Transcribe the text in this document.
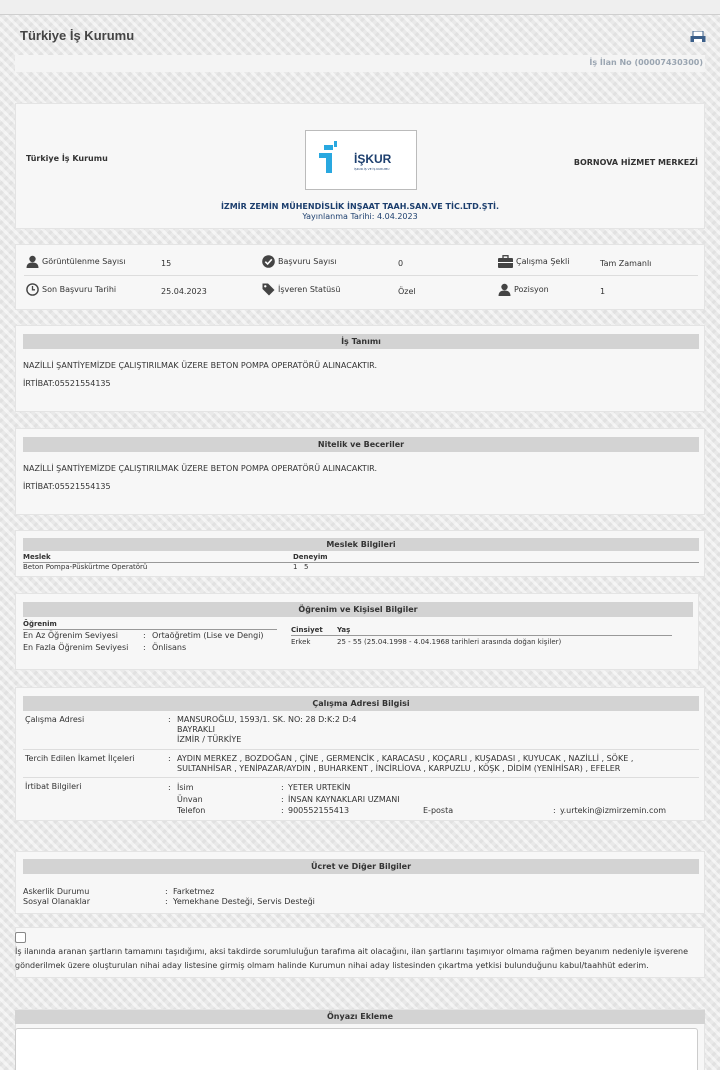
Türkiye İş Kurumu
İş İlan No (00007430300)
Türkiye İş Kurumu	BORNOVA HİZMET MERKEZİ
İŞKUR
İŞKUR·İŞ VE İŞ KURUMU
İZMİR ZEMİN MÜHENDİSLİK İNŞAAT TAAH.SAN.VE TİC.LTD.ŞTİ.
Yayınlanma Tarihi: 4.04.2023
Görüntülenme Sayısı	15	Başvuru Sayısı	0	Çalışma Şekli	Tam Zamanlı
Son Başvuru Tarihi	25.04.2023	İşveren Statüsü	Özel	Pozisyon	1
İş Tanımı
NAZİLLİ ŞANTİYEMİZDE ÇALIŞTIRILMAK ÜZERE BETON POMPA OPERATÖRÜ ALINACAKTIR.
İRTİBAT:05521554135
Nitelik ve Beceriler
NAZİLLİ ŞANTİYEMİZDE ÇALIŞTIRILMAK ÜZERE BETON POMPA OPERATÖRÜ ALINACAKTIR.
İRTİBAT:05521554135
Meslek Bilgileri
Meslek	Deneyim
Beton Pompa-Püskürtme Operatörü	1 5
Öğrenim ve Kişisel Bilgiler
Öğrenim
En Az Öğrenim Seviyesi	: Ortaöğretim (Lise ve Dengi)
En Fazla Öğrenim Seviyesi : Önlisans
Cinsiyet Yaş
Erkek	25 - 55 (25.04.1998 - 4.04.1968 tarihleri arasında doğan kişiler)
Çalışma Adresi Bilgisi
Çalışma Adresi	: MANSUROĞLU, 1593/1. SK. NO: 28 D:K:2 D:4
BAYRAKLI
İZMİR / TÜRKİYE
Tercih Edilen İkamet İlçeleri	: AYDIN MERKEZ , BOZDOĞAN , ÇİNE , GERMENCİK , KARACASU , KOÇARLI , KUŞADASI , KUYUCAK , NAZİLLİ , SÖKE ,
SULTANHİSAR , YENİPAZAR/AYDIN , BUHARKENT , İNCİRLİOVA , KARPUZLU , KÖŞK , DİDİM (YENİHİSAR) , EFELER
İrtibat Bilgileri	: İsim	: YETER URTEKİN
Ünvan	: İNSAN KAYNAKLARI UZMANI
Telefon	: 900552155413	E-posta	: y.urtekin@izmirzemin.com
Ücret ve Diğer Bilgiler
Askerlik Durumu	: Farketmez
Sosyal Olanaklar	: Yemekhane Desteği, Servis Desteği
İş ilanında aranan şartların tamamını taşıdığımı, aksi takdirde sorumluluğun tarafıma ait olacağını, ilan şartlarını taşımıyor olmama rağmen beyanım nedeniyle işverene
gönderilmek üzere oluşturulan nihai aday listesine girmiş olmam halinde Kurumun nihai aday listesinden çıkartma yetkisi bulunduğunu kabul/taahhüt ederim.
Önyazı Ekleme
